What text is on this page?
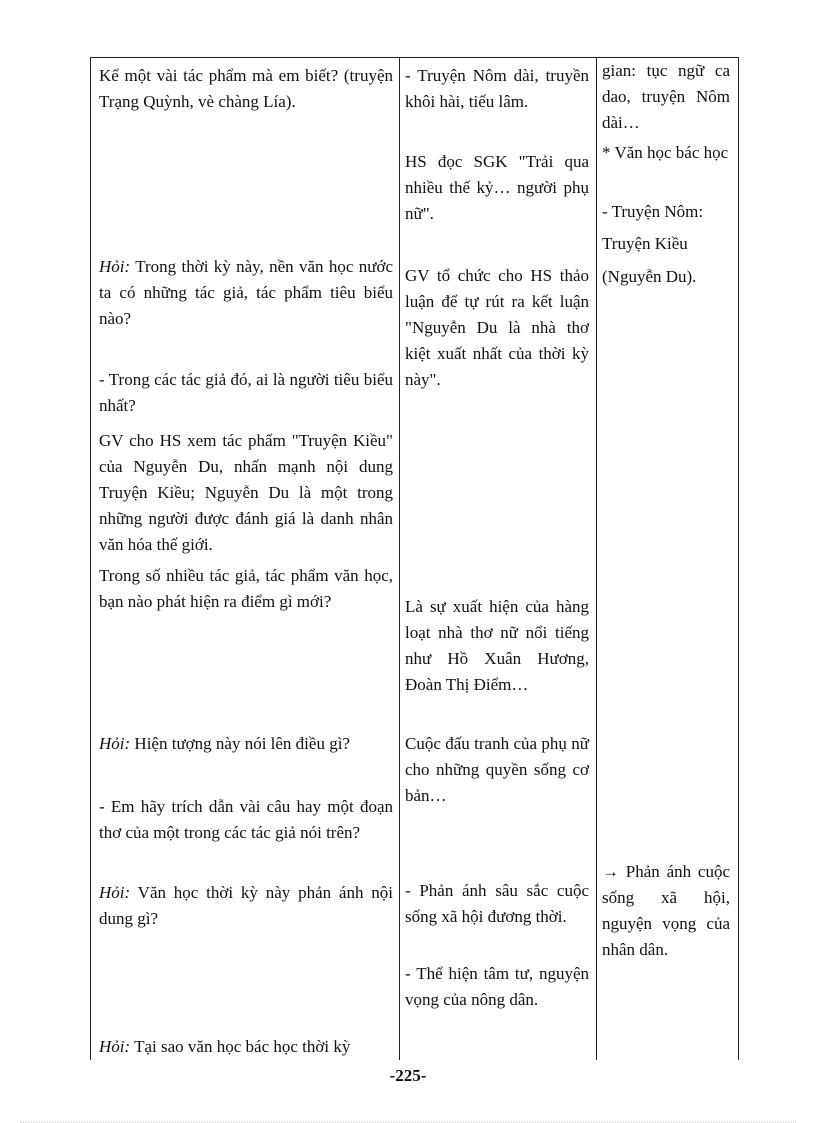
Kể một vài tác phẩm mà em biết? (truyện Trạng Quỳnh, vè chàng Lía).

Hỏi: Trong thời kỳ này, nền văn học nước ta có những tác giả, tác phẩm tiêu biểu nào?

- Trong các tác giả đó, ai là người tiêu biểu nhất?

GV cho HS xem tác phẩm "Truyện Kiều" của Nguyễn Du, nhấn mạnh nội dung Truyện Kiều; Nguyễn Du là một trong những người được đánh giá là danh nhân văn hóa thế giới.

Trong số nhiều tác giả, tác phẩm văn học, bạn nào phát hiện ra điểm gì mới?

Hỏi: Hiện tượng này nói lên điều gì?

- Em hãy trích dẫn vài câu hay một đoạn thơ của một trong các tác giả nói trên?

Hỏi: Văn học thời kỳ này phản ánh nội dung gì?

Hỏi: Tại sao văn học bác học thời kỳ

- Truyện Nôm dài, truyền khôi hài, tiếu lâm.

HS đọc SGK "Trải qua nhiều thế kỷ… người phụ nữ".

GV tổ chức cho HS thảo luận để tự rút ra kết luận "Nguyễn Du là nhà thơ kiệt xuất nhất của thời kỳ này".

Là sự xuất hiện của hàng loạt nhà thơ nữ nổi tiếng như Hồ Xuân Hương, Đoàn Thị Điểm…

Cuộc đấu tranh của phụ nữ cho những quyền sống cơ bản…

- Phản ánh sâu sắc cuộc sống xã hội đương thời.

- Thể hiện tâm tư, nguyện vọng của nông dân.

gian: tục ngữ ca dao, truyện Nôm dài…

* Văn học bác học

- Truyện Nôm:

Truyện Kiều

(Nguyễn Du).

→ Phản ánh cuộc sống xã hội, nguyện vọng của nhân dân.

-225-
